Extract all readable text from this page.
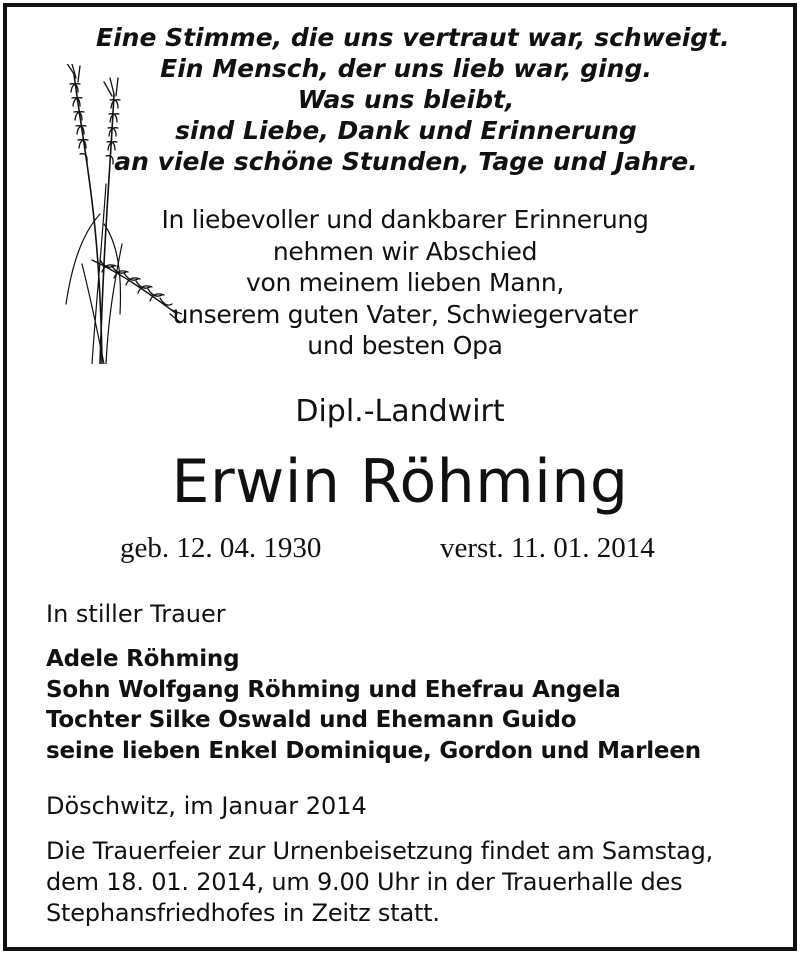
Eine Stimme, die uns vertraut war, schweigt.
Ein Mensch, der uns lieb war, ging.
Was uns bleibt,
sind Liebe, Dank und Erinnerung
an viele schöne Stunden, Tage und Jahre.
In liebevoller und dankbarer Erinnerung
nehmen wir Abschied
von meinem lieben Mann,
unserem guten Vater, Schwiegervater
und besten Opa
Dipl.-Landwirt
Erwin Röhming
geb. 12. 04. 1930	verst. 11. 01. 2014
In stiller Trauer
Adele Röhming
Sohn Wolfgang Röhming und Ehefrau Angela
Tochter Silke Oswald und Ehemann Guido
seine lieben Enkel Dominique, Gordon und Marleen
Döschwitz, im Januar 2014
Die Trauerfeier zur Urnenbeisetzung findet am Samstag,
dem 18. 01. 2014, um 9.00 Uhr in der Trauerhalle des
Stephansfriedhofes in Zeitz statt.
